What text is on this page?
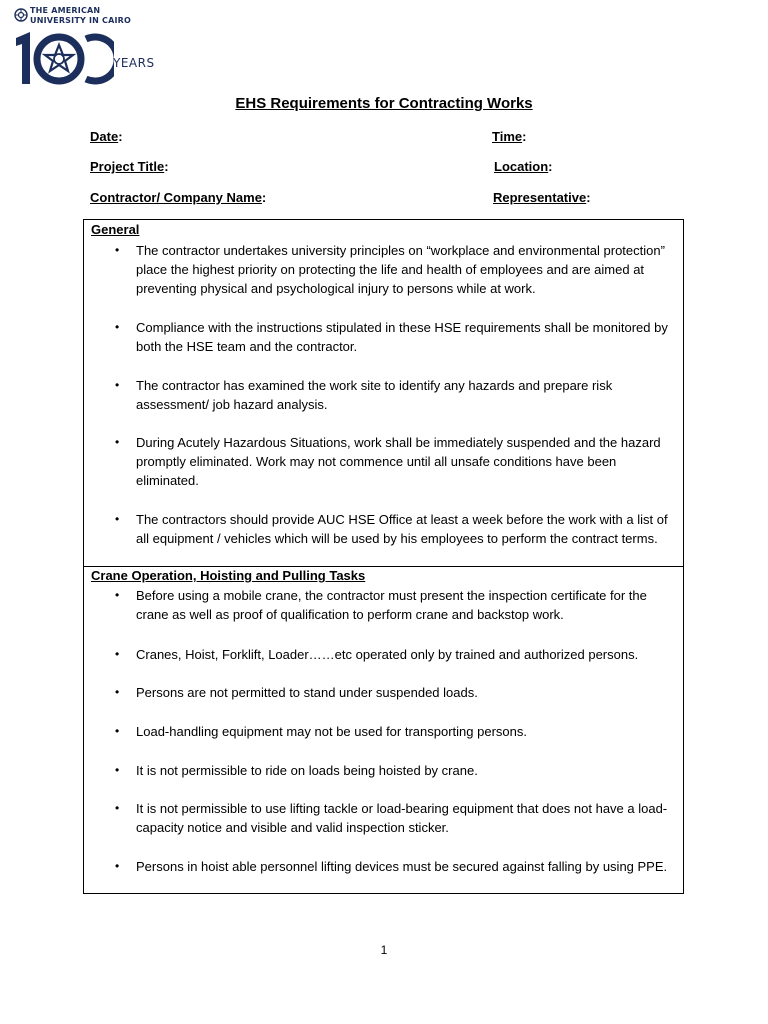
THE AMERICAN
UNIVERSITY IN CAIRO
YEARS
EHS Requirements for Contracting Works
Date:	Time:
Project Title:	Location:
Contractor/ Company Name:	Representative:
General
• The contractor undertakes university principles on “workplace and environmental protection” place the highest priority on protecting the life and health of employees and are aimed at preventing physical and psychological injury to persons while at work.
• Compliance with the instructions stipulated in these HSE requirements shall be monitored by both the HSE team and the contractor.
• The contractor has examined the work site to identify any hazards and prepare risk assessment/ job hazard analysis.
• During Acutely Hazardous Situations, work shall be immediately suspended and the hazard promptly eliminated. Work may not commence until all unsafe conditions have been eliminated.
• The contractors should provide AUC HSE Office at least a week before the work with a list of all equipment / vehicles which will be used by his employees to perform the contract terms.
Crane Operation, Hoisting and Pulling Tasks
• Before using a mobile crane, the contractor must present the inspection certificate for the crane as well as proof of qualification to perform crane and backstop work.
• Cranes, Hoist, Forklift, Loader……etc operated only by trained and authorized persons.
• Persons are not permitted to stand under suspended loads.
• Load-handling equipment may not be used for transporting persons.
• It is not permissible to ride on loads being hoisted by crane.
• It is not permissible to use lifting tackle or load-bearing equipment that does not have a load-capacity notice and visible and valid inspection sticker.
• Persons in hoist able personnel lifting devices must be secured against falling by using PPE.
1
